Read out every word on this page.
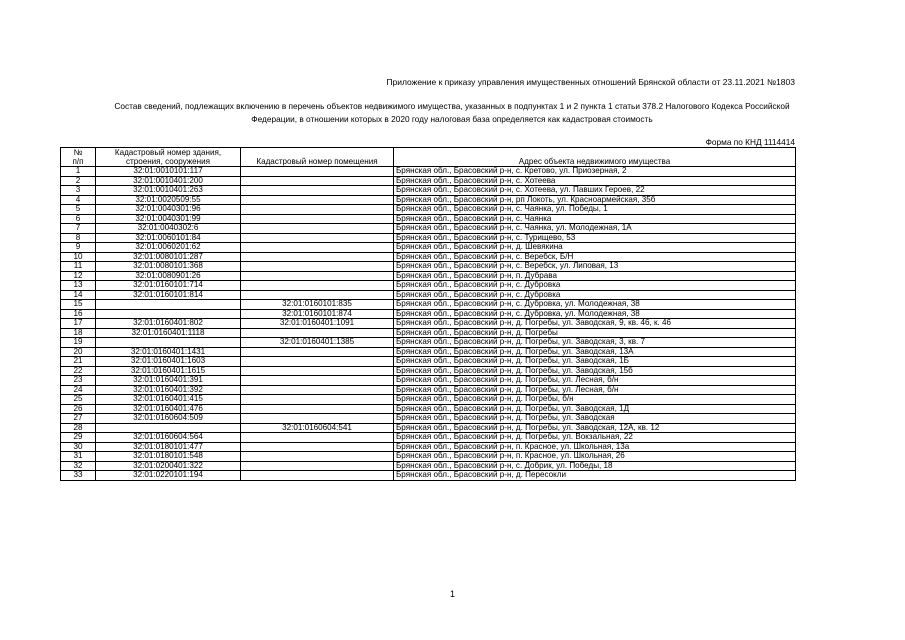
Приложение к приказу управления имущественных отношений Брянской области от 23.11.2021 №1803
Состав сведений, подлежащих включению в перечень объектов недвижимого имущества, указанных в подпунктах 1 и 2 пункта 1 статьи 378.2 Налогового Кодекса Российской
Федерации, в отношении которых в 2020 году налоговая база определяется как кадастровая стоимость
Форма по КНД 1114414
№	Кадастровый номер здания,		
п/п	строения, сооружения	Кадастровый номер помещения	Адрес объекта недвижимого имущества
1	32:01:0010101:117		Брянская обл., Брасовский р-н, с. Кретово, ул. Приозерная, 2
2	32:01:0010401:200		Брянская обл., Брасовский р-н, с. Хотеева
3	32:01:0010401:263		Брянская обл., Брасовский р-н, с. Хотеева, ул. Павших Героев, 22
4	32:01:0020509:55		Брянская обл., Брасовский р-н, рп Локоть, ул. Красноармейская, 35б
5	32:01:0040301:96		Брянская обл., Брасовский р-н, с. Чаянка, ул. Победы, 1
6	32:01:0040301:99		Брянская обл., Брасовский р-н, с. Чаянка
7	32:01:0040302:6		Брянская обл., Брасовский р-н, с. Чаянка, ул. Молодежная, 1А
8	32:01:0060101:84		Брянская обл., Брасовский р-н, с. Турищево, 53
9	32:01:0060201:62		Брянская обл., Брасовский р-н, д. Шевякина
10	32:01:0080101:287		Брянская обл., Брасовский р-н, с. Веребск, Б/Н
11	32:01:0080101:368		Брянская обл., Брасовский р-н, с. Веребск, ул. Липовая, 13
12	32:01:0080901:26		Брянская обл., Брасовский р-н, п. Дубрава
13	32:01:0160101:714		Брянская обл., Брасовский р-н, с. Дубровка
14	32:01:0160101:814		Брянская обл., Брасовский р-н, с. Дубровка
15		32:01:0160101:835	Брянская обл., Брасовский р-н, с. Дубровка, ул. Молодежная, 38
16		32:01:0160101:874	Брянская обл., Брасовский р-н, с. Дубровка, ул. Молодежная, 38
17	32:01:0160401:802	32:01:0160401:1091	Брянская обл., Брасовский р-н, д. Погребы, ул. Заводская, 9, кв. 46, к. 46
18	32:01:0160401:1118		Брянская обл., Брасовский р-н, д. Погребы
19		32:01:0160401:1385	Брянская обл., Брасовский р-н, д. Погребы, ул. Заводская, 3, кв. 7
20	32:01:0160401:1431		Брянская обл., Брасовский р-н, д. Погребы, ул. Заводская, 13А
21	32:01:0160401:1603		Брянская обл., Брасовский р-н, д. Погребы, ул. Заводская, 1Б
22	32:01:0160401:1615		Брянская обл., Брасовский р-н, д. Погребы, ул. Заводская, 15б
23	32:01:0160401:391		Брянская обл., Брасовский р-н, д. Погребы, ул. Лесная, б/н
24	32:01:0160401:392		Брянская обл., Брасовский р-н, д. Погребы, ул. Лесная, б/н
25	32:01:0160401:415		Брянская обл., Брасовский р-н, д. Погребы, б/н
26	32:01:0160401:476		Брянская обл., Брасовский р-н, д. Погребы, ул. Заводская, 1Д
27	32:01:0160604:509		Брянская обл., Брасовский р-н, д. Погребы, ул. Заводская
28		32:01:0160604:541	Брянская обл., Брасовский р-н, д. Погребы, ул. Заводская, 12А, кв. 12
29	32:01:0160604:564		Брянская обл., Брасовский р-н, д. Погребы, ул. Вокзальная, 22
30	32:01:0180101:477		Брянская обл., Брасовский р-н, п. Красное, ул. Школьная, 13а
31	32:01:0180101:548		Брянская обл., Брасовский р-н, п. Красное, ул. Школьная, 26
32	32:01:0200401:322		Брянская обл., Брасовский р-н, с. Добрик, ул. Победы, 18
33	32:01:0220101:194		Брянская обл., Брасовский р-н, д. Пересокли
1
